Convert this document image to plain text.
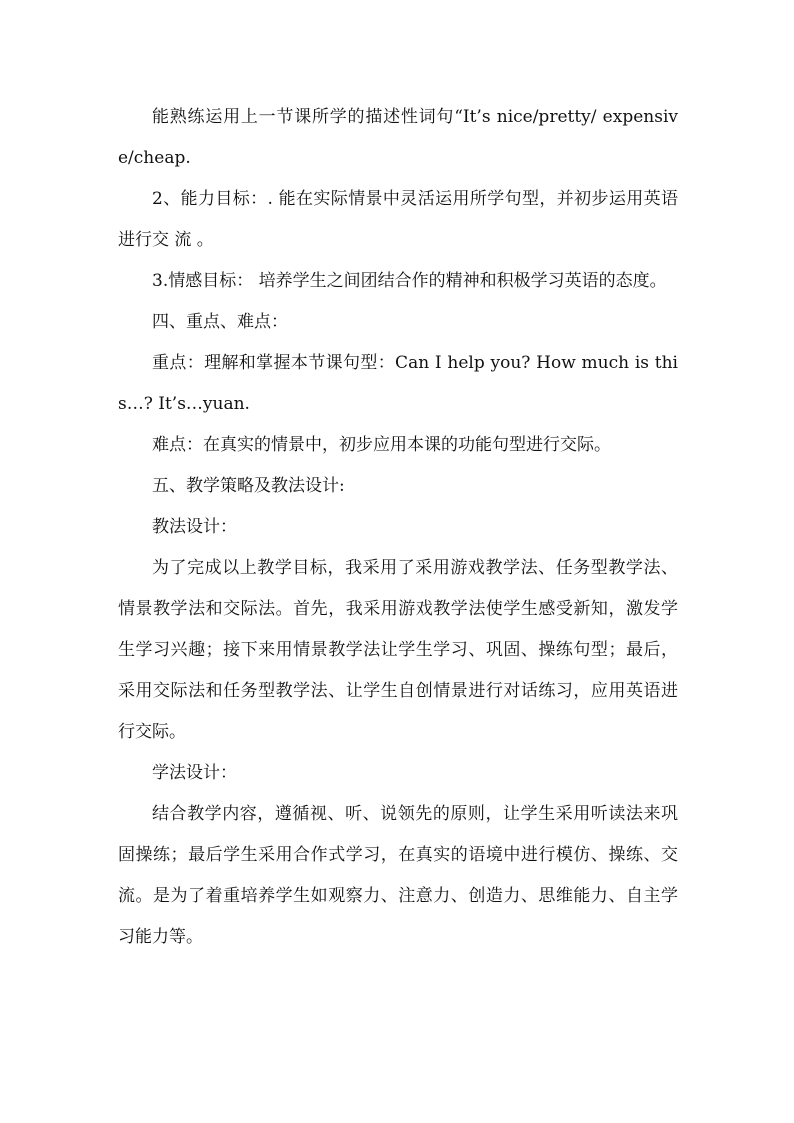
能熟练运用上一节课所学的描述性词句“It’s nice/pretty/ expensive/cheap.

2、能力目标：. 能在实际情景中灵活运用所学句型，并初步运用英语进行交 流 。

3.情感目标： 培养学生之间团结合作的精神和积极学习英语的态度。

四、重点、难点：

重点：理解和掌握本节课句型：Can I help you? How much is this…? It’s…yuan.

难点：在真实的情景中，初步应用本课的功能句型进行交际。

五、教学策略及教法设计:

教法设计：

为了完成以上教学目标，我采用了采用游戏教学法、任务型教学法、情景教学法和交际法。首先，我采用游戏教学法使学生感受新知，激发学生学习兴趣；接下来用情景教学法让学生学习、巩固、操练句型；最后，采用交际法和任务型教学法、让学生自创情景进行对话练习，应用英语进行交际。

学法设计：

结合教学内容，遵循视、听、说领先的原则，让学生采用听读法来巩固操练；最后学生采用合作式学习，在真实的语境中进行模仿、操练、交流。是为了着重培养学生如观察力、注意力、创造力、思维能力、自主学习能力等。
